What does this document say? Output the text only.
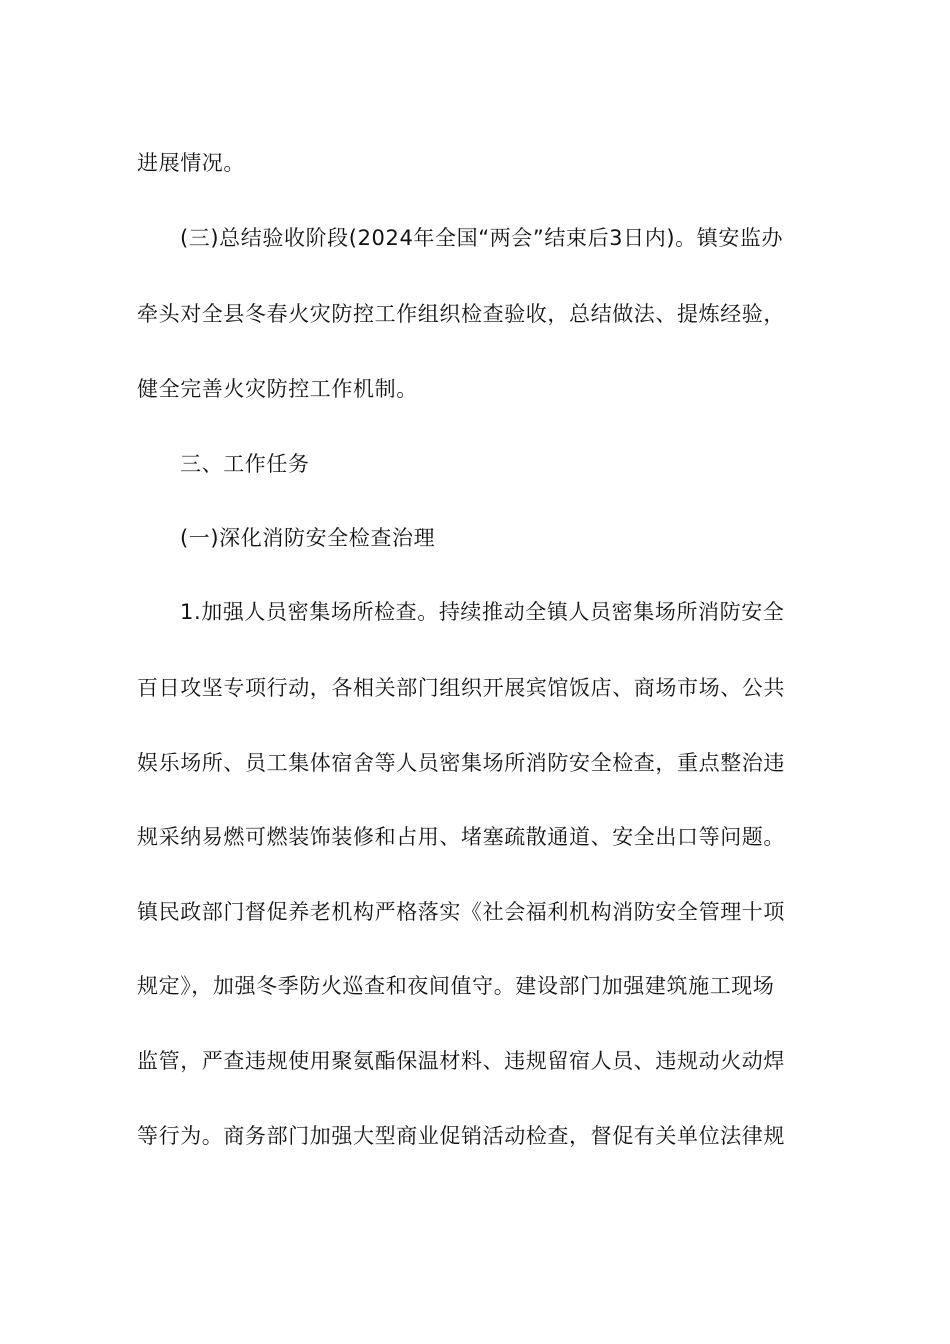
进展情况。
(三)总结验收阶段(2024年全国“两会”结束后3日内)。镇安监办
牵头对全县冬春火灾防控工作组织检查验收，总结做法、提炼经验，
健全完善火灾防控工作机制。
三、工作任务
(一)深化消防安全检查治理
1.加强人员密集场所检查。持续推动全镇人员密集场所消防安全
百日攻坚专项行动，各相关部门组织开展宾馆饭店、商场市场、公共
娱乐场所、员工集体宿舍等人员密集场所消防安全检查，重点整治违
规采纳易燃可燃装饰装修和占用、堵塞疏散通道、安全出口等问题。
镇民政部门督促养老机构严格落实《社会福利机构消防安全管理十项
规定》，加强冬季防火巡查和夜间值守。建设部门加强建筑施工现场
监管，严查违规使用聚氨酯保温材料、违规留宿人员、违规动火动焊
等行为。商务部门加强大型商业促销活动检查，督促有关单位法律规
